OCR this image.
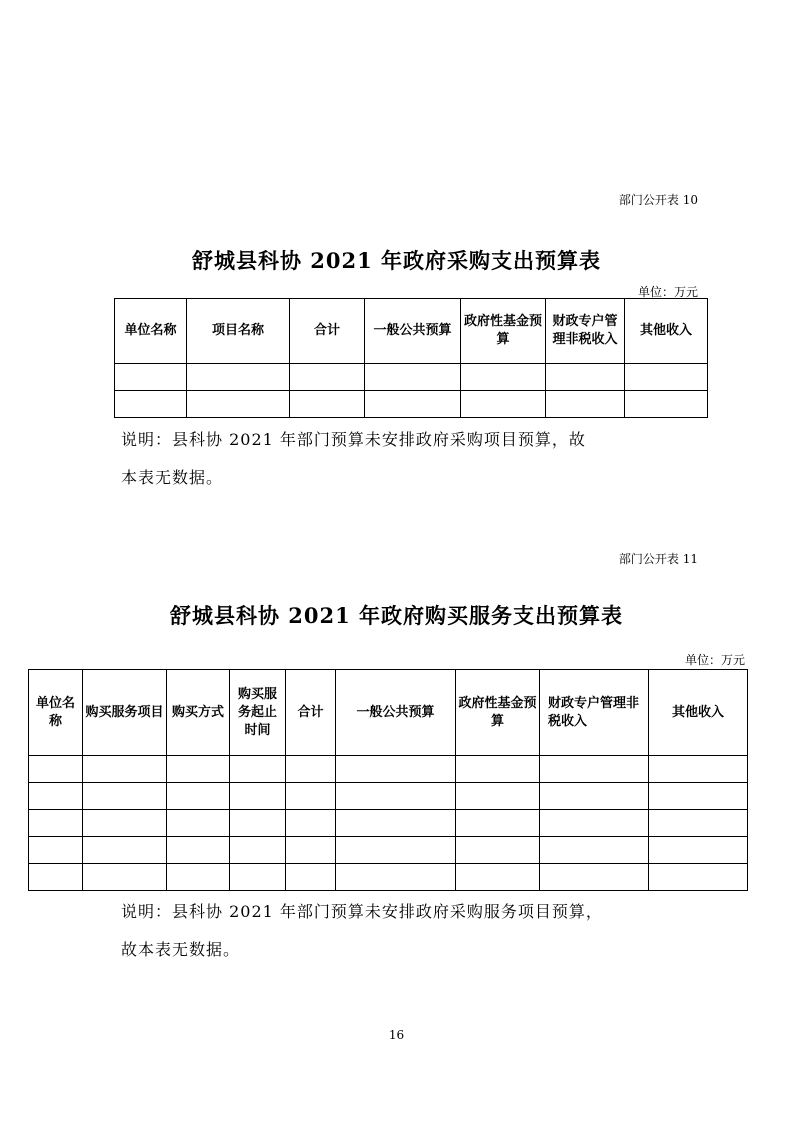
部门公开表 10
舒城县科协 2021 年政府采购支出预算表
单位：万元
单位名称	项目名称	合计	一般公共预算	政府性基金预算	财政专户管理非税收入	其他收入

说明：县科协 2021 年部门预算未安排政府采购项目预算，故

本表无数据。

部门公开表 11
舒城县科协 2021 年政府购买服务支出预算表
单位：万元
单位名称	购买服务项目	购买方式	购买服务起止时间	合计	一般公共预算	政府性基金预算	财政专户管理非税收入	其他收入

说明：县科协 2021 年部门预算未安排政府采购服务项目预算，

故本表无数据。

16
